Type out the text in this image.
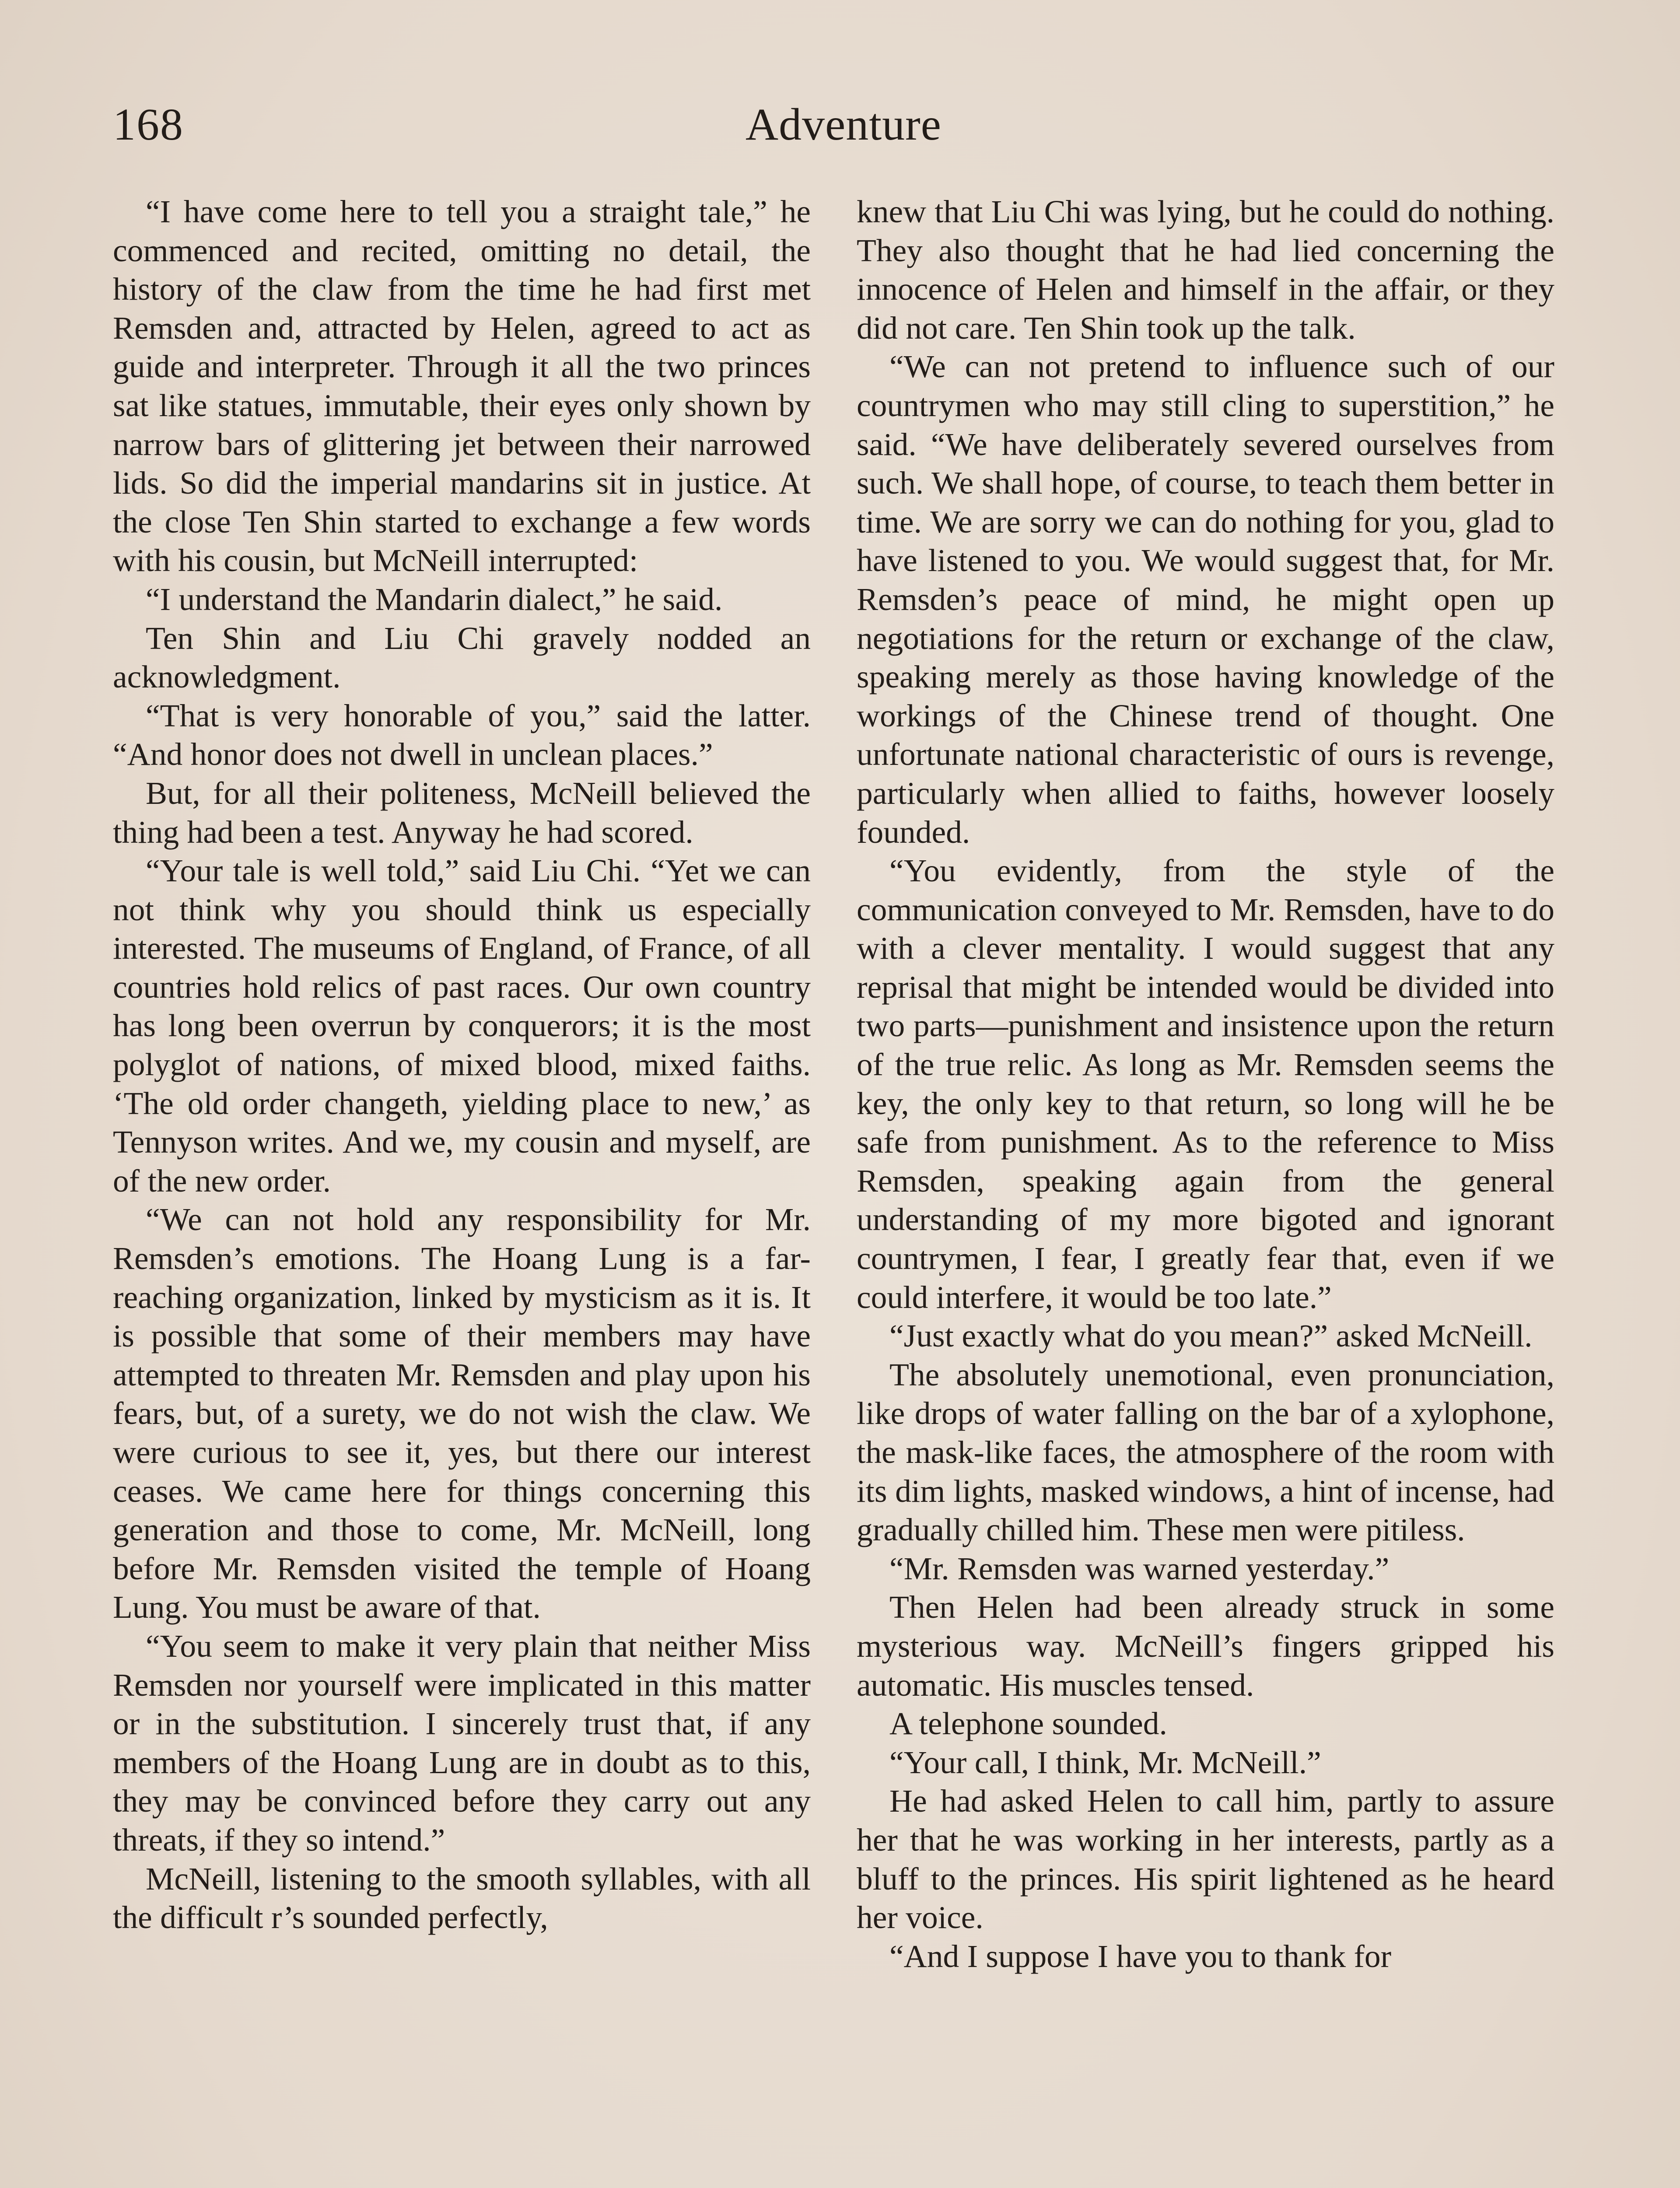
168	Adventure

“I have come here to tell you a straight tale,” he commenced and recited, omitting no detail, the history of the claw from the time he had first met Remsden and, attracted by Helen, agreed to act as guide and interpreter. Through it all the two princes sat like statues, immutable, their eyes only shown by narrow bars of glittering jet between their narrowed lids. So did the imperial mandarins sit in justice. At the close Ten Shin started to exchange a few words with his cousin, but McNeill interrupted:

“I understand the Mandarin dialect,” he said.

Ten Shin and Liu Chi gravely nodded an acknowledgment.

“That is very honorable of you,” said the latter. “And honor does not dwell in unclean places.”

But, for all their politeness, McNeill believed the thing had been a test. Anyway he had scored.

“Your tale is well told,” said Liu Chi. “Yet we can not think why you should think us especially interested. The museums of England, of France, of all countries hold relics of past races. Our own country has long been overrun by conquerors; it is the most polyglot of nations, of mixed blood, mixed faiths. ‘The old order changeth, yielding place to new,’ as Tennyson writes. And we, my cousin and myself, are of the new order.

“We can not hold any responsibility for Mr. Remsden’s emotions. The Hoang Lung is a far-reaching organization, linked by mysticism as it is. It is possible that some of their members may have attempted to threaten Mr. Remsden and play upon his fears, but, of a surety, we do not wish the claw. We were curious to see it, yes, but there our interest ceases. We came here for things concerning this generation and those to come, Mr. McNeill, long before Mr. Remsden visited the temple of Hoang Lung. You must be aware of that.

“You seem to make it very plain that neither Miss Remsden nor yourself were implicated in this matter or in the substitution. I sincerely trust that, if any members of the Hoang Lung are in doubt as to this, they may be convinced before they carry out any threats, if they so intend.”

McNeill, listening to the smooth syllables, with all the difficult r’s sounded perfectly,

knew that Liu Chi was lying, but he could do nothing. They also thought that he had lied concerning the innocence of Helen and himself in the affair, or they did not care. Ten Shin took up the talk.

“We can not pretend to influence such of our countrymen who may still cling to superstition,” he said. “We have deliberately severed ourselves from such. We shall hope, of course, to teach them better in time. We are sorry we can do nothing for you, glad to have listened to you. We would suggest that, for Mr. Remsden’s peace of mind, he might open up negotiations for the return or exchange of the claw, speaking merely as those having knowledge of the workings of the Chinese trend of thought. One unfortunate national characteristic of ours is revenge, particularly when allied to faiths, however loosely founded.

“You evidently, from the style of the communication conveyed to Mr. Remsden, have to do with a clever mentality. I would suggest that any reprisal that might be intended would be divided into two parts—punishment and insistence upon the return of the true relic. As long as Mr. Remsden seems the key, the only key to that return, so long will he be safe from punishment. As to the reference to Miss Remsden, speaking again from the general understanding of my more bigoted and ignorant countrymen, I fear, I greatly fear that, even if we could interfere, it would be too late.”

“Just exactly what do you mean?” asked McNeill.

The absolutely unemotional, even pronunciation, like drops of water falling on the bar of a xylophone, the mask-like faces, the atmosphere of the room with its dim lights, masked windows, a hint of incense, had gradually chilled him. These men were pitiless.

“Mr. Remsden was warned yesterday.”

Then Helen had been already struck in some mysterious way. McNeill’s fingers gripped his automatic. His muscles tensed.

A telephone sounded.

“Your call, I think, Mr. McNeill.”

He had asked Helen to call him, partly to assure her that he was working in her interests, partly as a bluff to the princes. His spirit lightened as he heard her voice.

“And I suppose I have you to thank for
